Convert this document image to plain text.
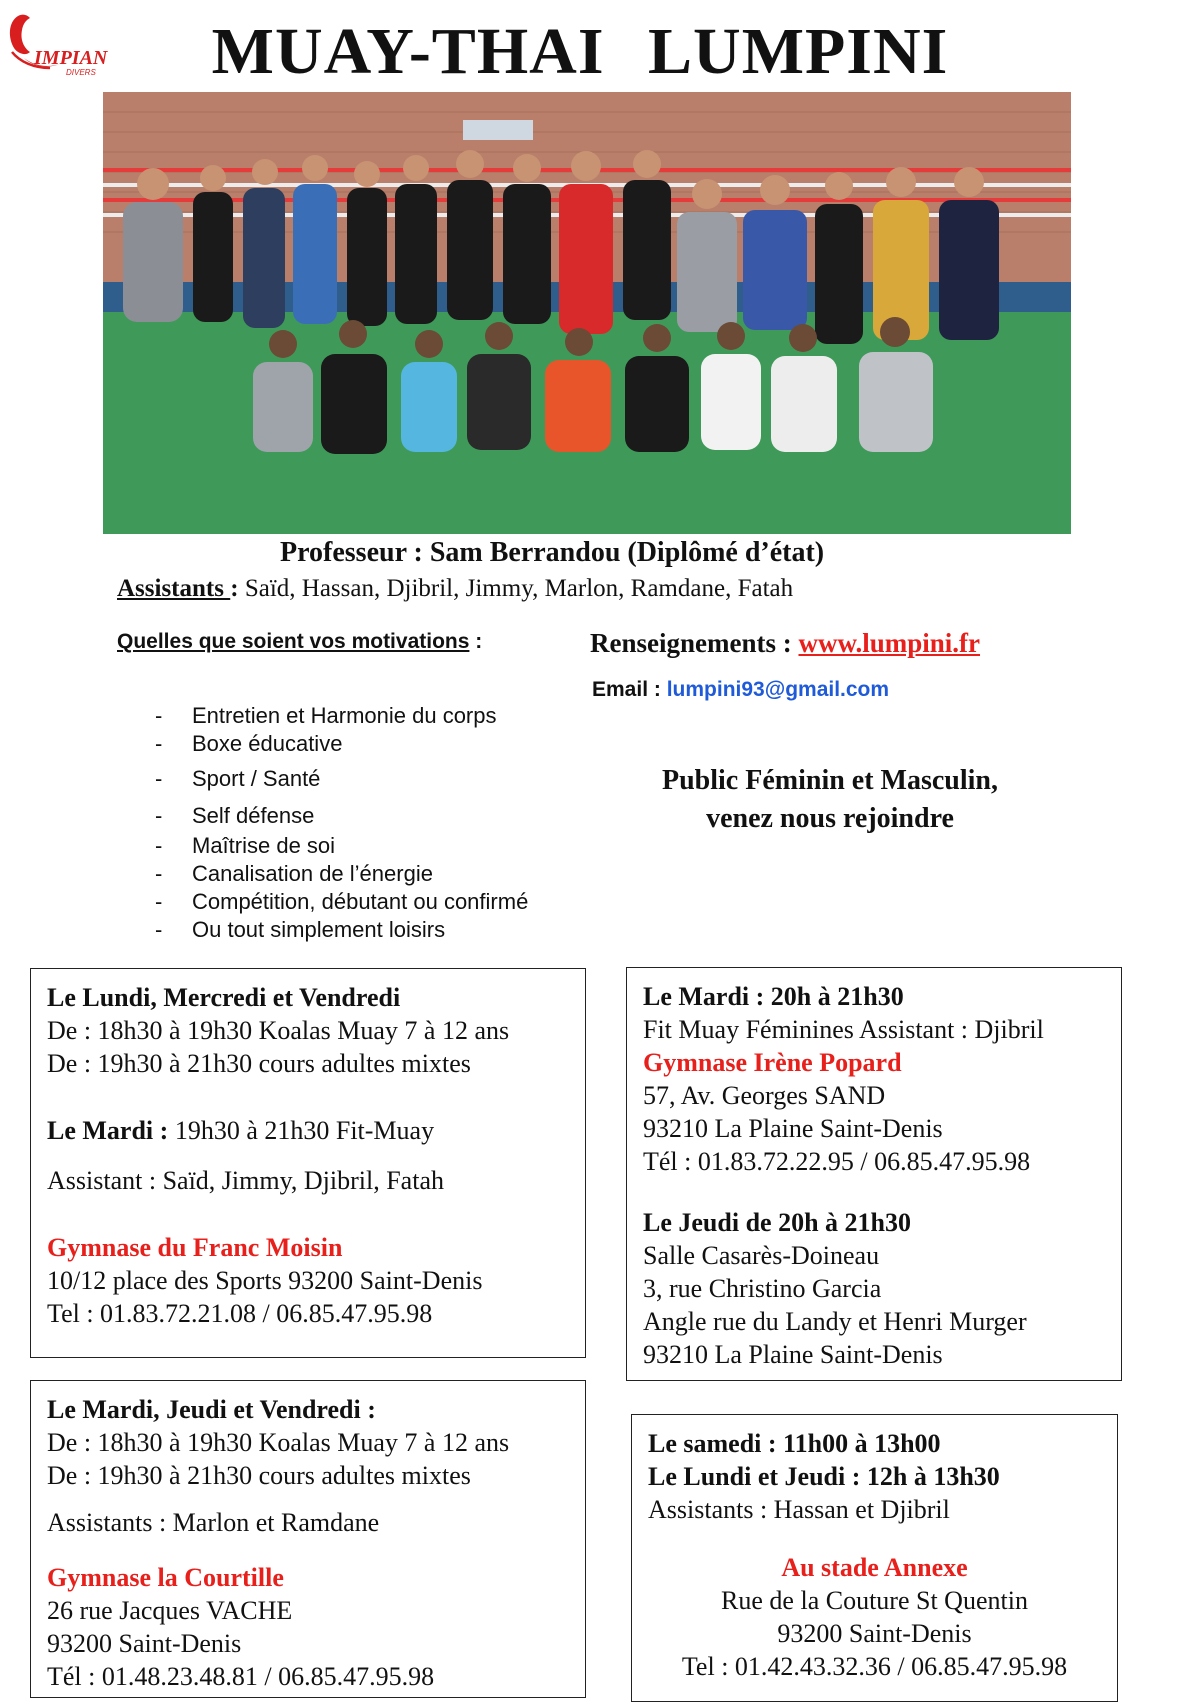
IMPIAN
DIVERS MUAY-THAI LUMPINI
Professeur : Sam Berrandou (Diplômé d’état)
Assistants : Saïd, Hassan, Djibril, Jimmy, Marlon, Ramdane, Fatah
Quelles que soient vos motivations :	Renseignements : www.lumpini.fr
Email : lumpini93@gmail.com
- Entretien et Harmonie du corps
- Boxe éducative
- Sport / Santé
- Self défense
- Maîtrise de soi
- Canalisation de l’énergie
- Compétition, débutant ou confirmé
- Ou tout simplement loisirs
Public Féminin et Masculin,
venez nous rejoindre
Le Lundi, Mercredi et Vendredi
De : 18h30 à 19h30 Koalas Muay 7 à 12 ans
De : 19h30 à 21h30 cours adultes mixtes
Le Mardi : 19h30 à 21h30 Fit-Muay
Assistant : Saïd, Jimmy, Djibril, Fatah
Gymnase du Franc Moisin
10/12 place des Sports 93200 Saint-Denis
Tel : 01.83.72.21.08 / 06.85.47.95.98
Le Mardi, Jeudi et Vendredi :
De : 18h30 à 19h30 Koalas Muay 7 à 12 ans
De : 19h30 à 21h30 cours adultes mixtes
Assistants : Marlon et Ramdane
Gymnase la Courtille
26 rue Jacques VACHE
93200 Saint-Denis
Tél : 01.48.23.48.81 / 06.85.47.95.98
Le Mardi : 20h à 21h30
Fit Muay Féminines Assistant : Djibril
Gymnase Irène Popard
57, Av. Georges SAND
93210 La Plaine Saint-Denis
Tél : 01.83.72.22.95 / 06.85.47.95.98
Le Jeudi de 20h à 21h30
Salle Casarès-Doineau
3, rue Christino Garcia
Angle rue du Landy et Henri Murger
93210 La Plaine Saint-Denis
Le samedi : 11h00 à 13h00
Le Lundi et Jeudi : 12h à 13h30
Assistants : Hassan et Djibril
Au stade Annexe
Rue de la Couture St Quentin
93200 Saint-Denis
Tel : 01.42.43.32.36 / 06.85.47.95.98
